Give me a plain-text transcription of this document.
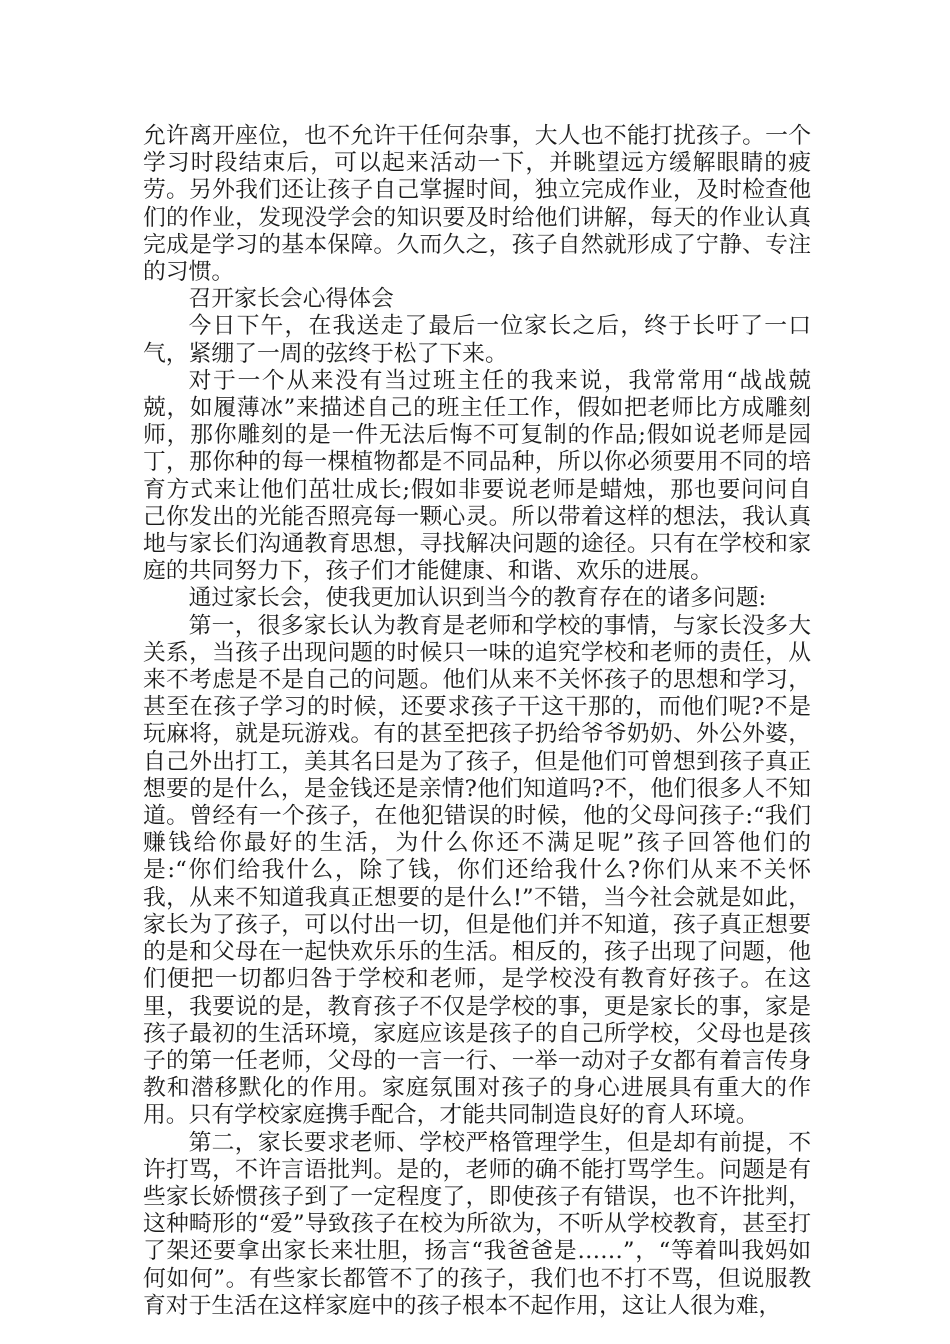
允许离开座位，也不允许干任何杂事，大人也不能打扰孩子。一个学习时段结束后，可以起来活动一下，并眺望远方缓解眼睛的疲劳。另外我们还让孩子自己掌握时间，独立完成作业，及时检查他们的作业，发现没学会的知识要及时给他们讲解，每天的作业认真完成是学习的基本保障。久而久之，孩子自然就形成了宁静、专注的习惯。

召开家长会心得体会

今日下午，在我送走了最后一位家长之后，终于长吁了一口气，紧绷了一周的弦终于松了下来。

对于一个从来没有当过班主任的我来说，我常常用“战战兢兢，如履薄冰”来描述自己的班主任工作，假如把老师比方成雕刻师，那你雕刻的是一件无法后悔不可复制的作品;假如说老师是园丁，那你种的每一棵植物都是不同品种，所以你必须要用不同的培育方式来让他们茁壮成长;假如非要说老师是蜡烛，那也要问问自己你发出的光能否照亮每一颗心灵。所以带着这样的想法，我认真地与家长们沟通教育思想，寻找解决问题的途径。只有在学校和家庭的共同努力下，孩子们才能健康、和谐、欢乐的进展。

通过家长会，使我更加认识到当今的教育存在的诸多问题:

第一，很多家长认为教育是老师和学校的事情，与家长没多大关系，当孩子出现问题的时候只一味的追究学校和老师的责任，从来不考虑是不是自己的问题。他们从来不关怀孩子的思想和学习，甚至在孩子学习的时候，还要求孩子干这干那的，而他们呢?不是玩麻将，就是玩游戏。有的甚至把孩子扔给爷爷奶奶、外公外婆，自己外出打工，美其名曰是为了孩子，但是他们可曾想到孩子真正想要的是什么，是金钱还是亲情?他们知道吗?不，他们很多人不知道。曾经有一个孩子，在他犯错误的时候，他的父母问孩子:“我们赚钱给你最好的生活，为什么你还不满足呢”孩子回答他们的是:“你们给我什么，除了钱，你们还给我什么?你们从来不关怀我，从来不知道我真正想要的是什么!”不错，当今社会就是如此，家长为了孩子，可以付出一切，但是他们并不知道，孩子真正想要的是和父母在一起快欢乐乐的生活。相反的，孩子出现了问题，他们便把一切都归咎于学校和老师，是学校没有教育好孩子。在这里，我要说的是，教育孩子不仅是学校的事，更是家长的事，家是孩子最初的生活环境，家庭应该是孩子的自己所学校，父母也是孩子的第一任老师，父母的一言一行、一举一动对子女都有着言传身教和潜移默化的作用。家庭氛围对孩子的身心进展具有重大的作用。只有学校家庭携手配合，才能共同制造良好的育人环境。

第二，家长要求老师、学校严格管理学生，但是却有前提，不许打骂，不许言语批判。是的，老师的确不能打骂学生。问题是有些家长娇惯孩子到了一定程度了，即使孩子有错误，也不许批判，这种畸形的“爱”导致孩子在校为所欲为，不听从学校教育，甚至打了架还要拿出家长来壮胆，扬言“我爸爸是……”，“等着叫我妈如何如何”。有些家长都管不了的孩子，我们也不打不骂，但说服教育对于生活在这样家庭中的孩子根本不起作用，这让人很为难，
